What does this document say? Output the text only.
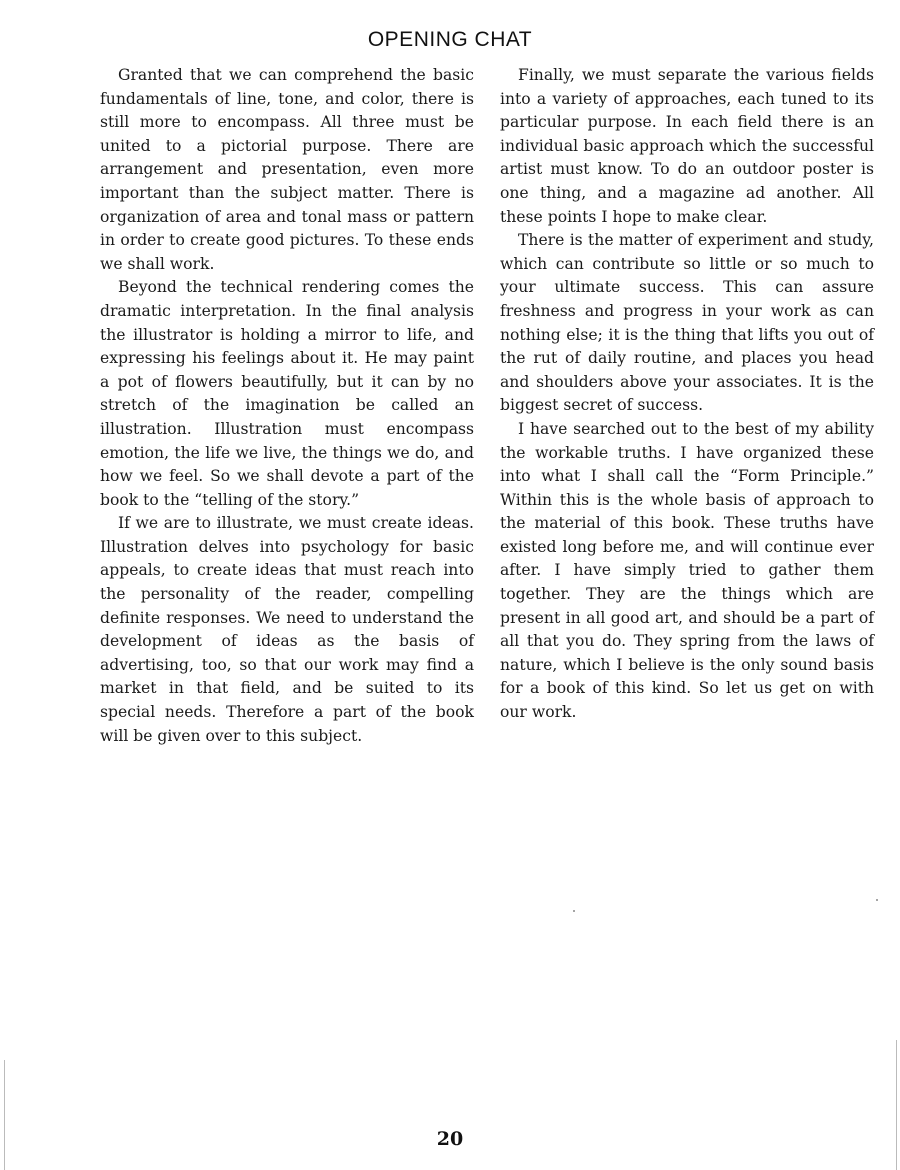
OPENING CHAT

Granted that we can comprehend the basic fundamentals of line, tone, and color, there is still more to encompass. All three must be united to a pictorial purpose. There are arrangement and presentation, even more important than the subject matter. There is organization of area and tonal mass or pattern in order to create good pictures. To these ends we shall work.

Beyond the technical rendering comes the dramatic interpretation. In the final analysis the illustrator is holding a mirror to life, and expressing his feelings about it. He may paint a pot of flowers beautifully, but it can by no stretch of the imagination be called an illustration. Illustration must encompass emotion, the life we live, the things we do, and how we feel. So we shall devote a part of the book to the “telling of the story.”

If we are to illustrate, we must create ideas. Illustration delves into psychology for basic appeals, to create ideas that must reach into the personality of the reader, compelling definite responses. We need to understand the development of ideas as the basis of advertising, too, so that our work may find a market in that field, and be suited to its special needs. Therefore a part of the book will be given over to this subject.

Finally, we must separate the various fields into a variety of approaches, each tuned to its particular purpose. In each field there is an individual basic approach which the successful artist must know. To do an outdoor poster is one thing, and a magazine ad another. All these points I hope to make clear.

There is the matter of experiment and study, which can contribute so little or so much to your ultimate success. This can assure freshness and progress in your work as can nothing else; it is the thing that lifts you out of the rut of daily routine, and places you head and shoulders above your associates. It is the biggest secret of success.

I have searched out to the best of my ability the workable truths. I have organized these into what I shall call the “Form Principle.” Within this is the whole basis of approach to the material of this book. These truths have existed long before me, and will continue ever after. I have simply tried to gather them together. They are the things which are present in all good art, and should be a part of all that you do. They spring from the laws of nature, which I believe is the only sound basis for a book of this kind. So let us get on with our work.

20
